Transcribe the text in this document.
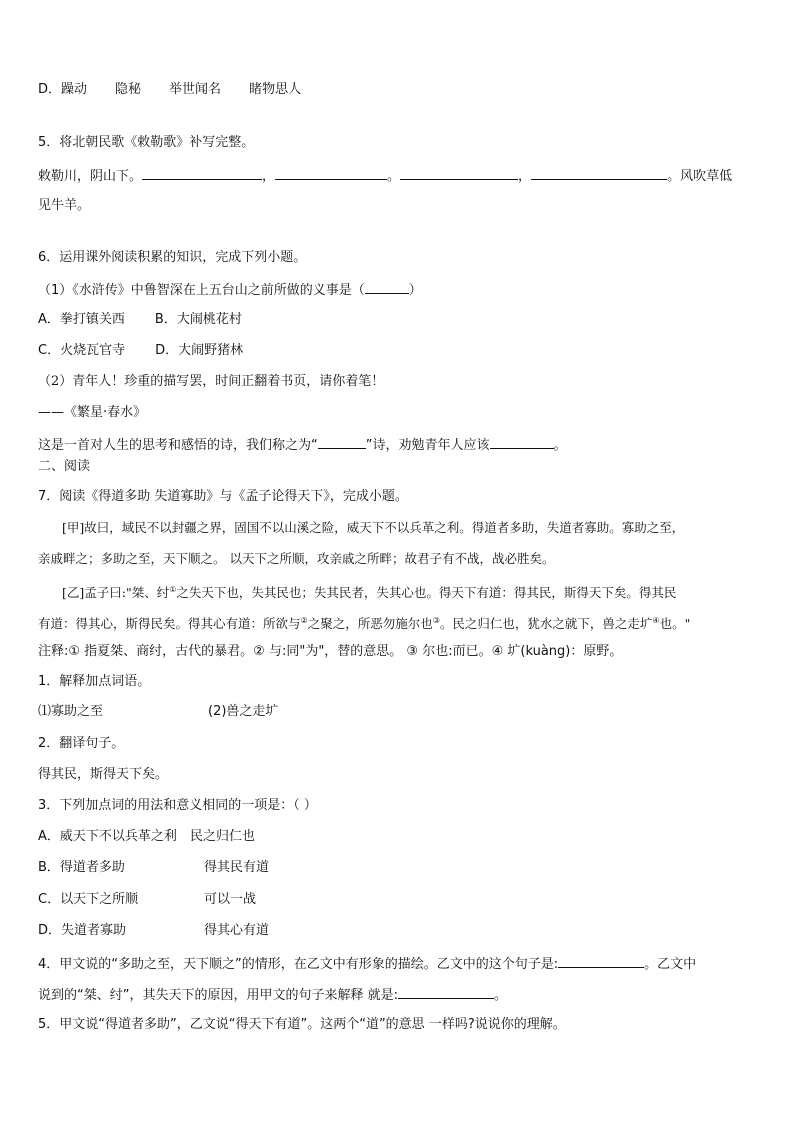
D．躁动 隐秘 举世闻名 睹物思人
5．将北朝民歌《敕勒歌》补写完整。
敕勒川，阴山下。	，	。	，	。风吹草低
见牛羊。
6．运用课外阅读积累的知识，完成下列小题。
（1）《水浒传》中鲁智深在上五台山之前所做的义事是（	）
A．拳打镇关西 B．大闹桃花村
C．火烧瓦官寺 D．大闹野猪林
（2）青年人！珍重的描写罢，时间正翻着书页，请你着笔！
——《繁星·春水》
这是一首对人生的思考和感悟的诗，我们称之为“	”诗，劝勉青年人应该	。
二、阅读
7．阅读《得道多助 失道寡助》与《孟子论得天下》，完成小题。
[甲]故曰，域民不以封疆之界，固国不以山溪之险，威天下不以兵革之利。得道者多助，失道者寡助。寡助之至，
亲戚畔之；多助之至，天下顺之。 以天下之所顺，攻亲戚之所畔；故君子有不战，战必胜矣。
[乙]孟子曰:"桀、纣①之失天下也，失其民也；失其民者，失其心也。得天下有道：得其民，斯得天下矣。得其民
有道：得其心，斯得民矣。得其心有道：所欲与②之聚之，所恶勿施尔也③。民之归仁也，犹水之就下，兽之走圹④也。"
注释:① 指夏桀、商纣，古代的暴君。② 与:同"为"，替的意思。 ③ 尔也:而已。④ 圹(kuàng)：原野。
1．解释加点词语。
⑴寡助之至	(2)兽之走圹
2．翻译句子。
得其民，斯得天下矣。
3．下列加点词的用法和意义相同的一项是：（ ）
A．威天下不以兵革之利 民之归仁也
B．得道者多助	得其民有道
C．以天下之所顺	可以一战
D．失道者寡助	得其心有道
4．甲文说的“多助之至，天下顺之”的情形，在乙文中有形象的描绘。乙文中的这个句子是:	。乙文中
说到的“桀、纣”，其失天下的原因，用甲文的句子来解释 就是:	。
5．甲文说“得道者多助”，乙文说“得天下有道”。这两个“道”的意思 一样吗?说说你的理解。
